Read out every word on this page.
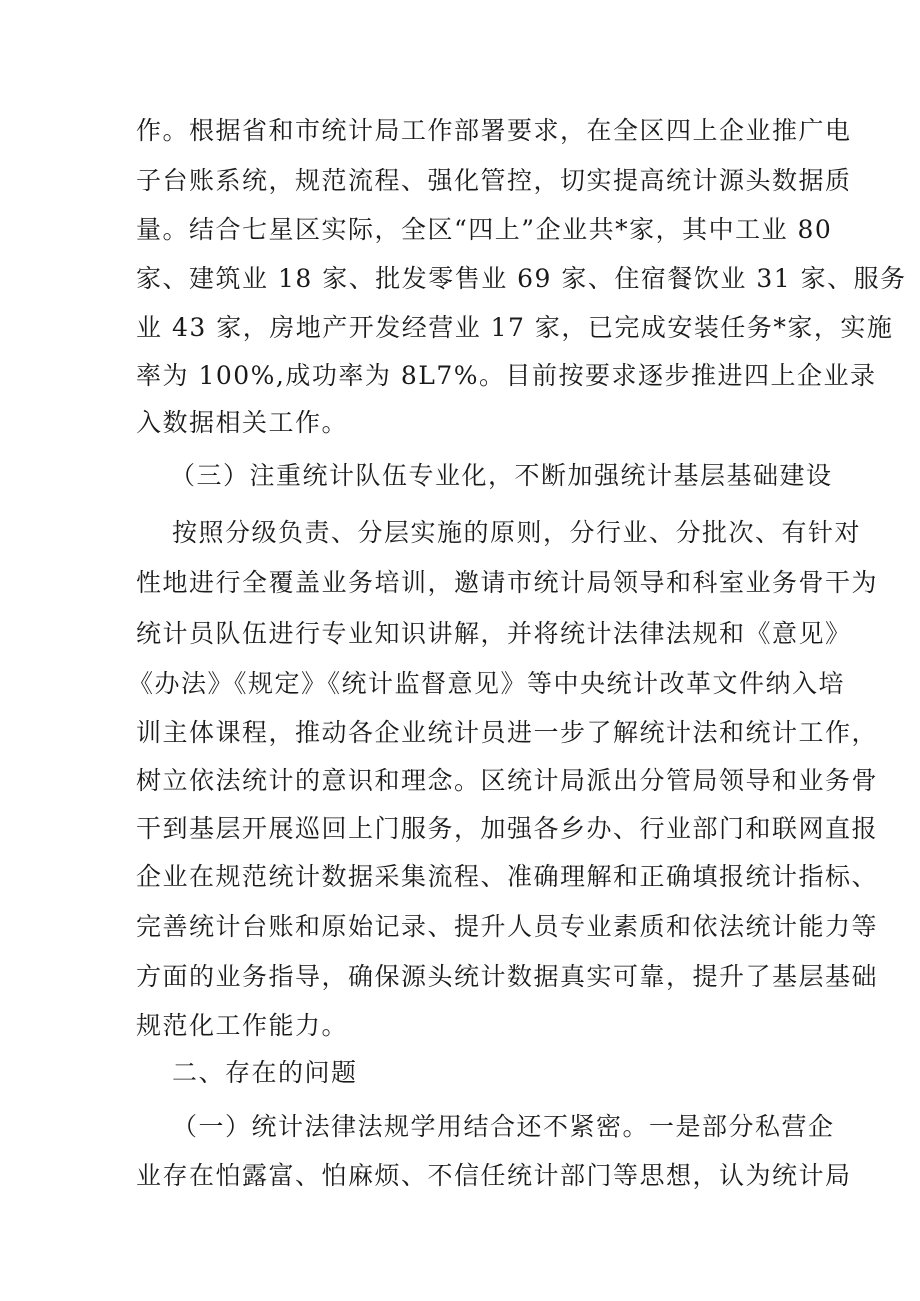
作。根据省和市统计局工作部署要求，在全区四上企业推广电
子台账系统，规范流程、强化管控，切实提高统计源头数据质
量。结合七星区实际，全区“四上”企业共*家，其中工业 80
家、建筑业 18 家、批发零售业 69 家、住宿餐饮业 31 家、服务
业 43 家，房地产开发经营业 17 家，已完成安装任务*家，实施
率为 100%,成功率为 8L7%。目前按要求逐步推进四上企业录
入数据相关工作。
（三）注重统计队伍专业化，不断加强统计基层基础建设
按照分级负责、分层实施的原则，分行业、分批次、有针对
性地进行全覆盖业务培训，邀请市统计局领导和科室业务骨干为
统计员队伍进行专业知识讲解，并将统计法律法规和《意见》
《办法》《规定》《统计监督意见》等中央统计改革文件纳入培
训主体课程，推动各企业统计员进一步了解统计法和统计工作，
树立依法统计的意识和理念。区统计局派出分管局领导和业务骨
干到基层开展巡回上门服务，加强各乡办、行业部门和联网直报
企业在规范统计数据采集流程、准确理解和正确填报统计指标、
完善统计台账和原始记录、提升人员专业素质和依法统计能力等
方面的业务指导，确保源头统计数据真实可靠，提升了基层基础
规范化工作能力。
二、存在的问题
（一）统计法律法规学用结合还不紧密。一是部分私营企
业存在怕露富、怕麻烦、不信任统计部门等思想，认为统计局
